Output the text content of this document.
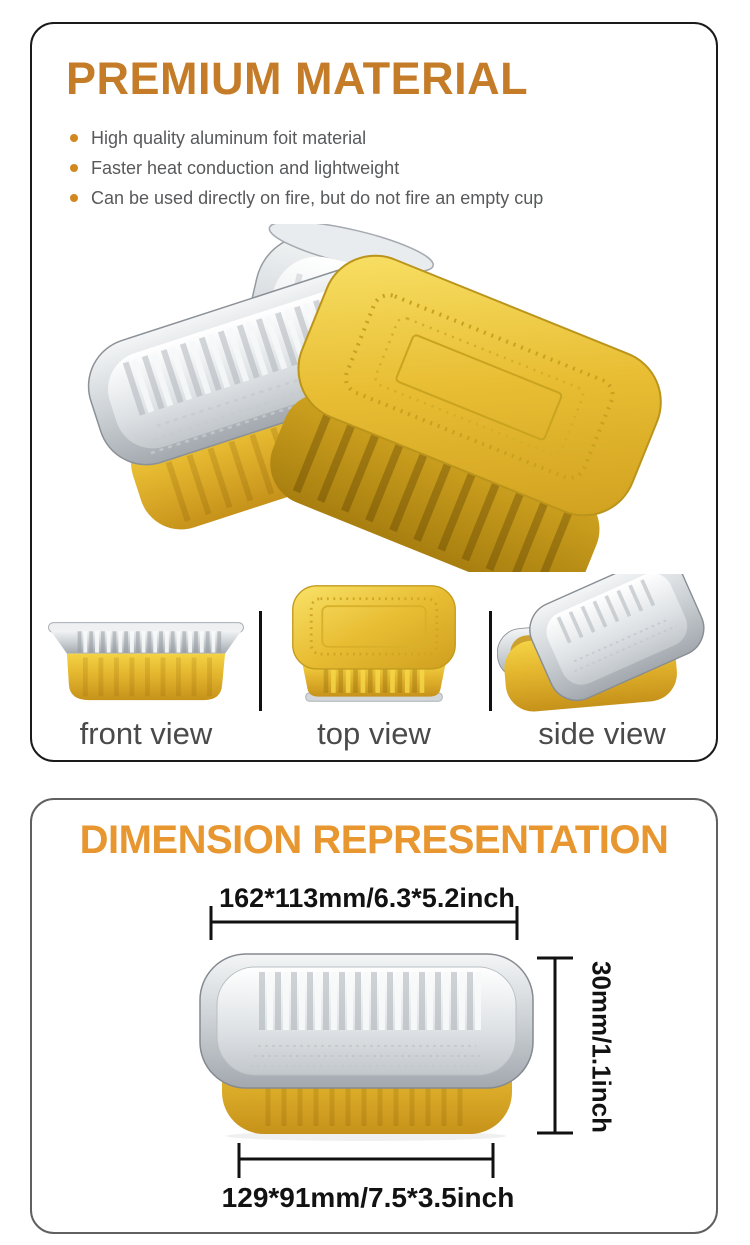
PREMIUM MATERIAL
High quality aluminum foit material
Faster heat conduction and lightweight
Can be used directly on fire, but do not fire an empty cup
front view	top view	side view
DIMENSION REPRESENTATION
162*113mm/6.3*5.2inch
30mm/1.1inch
129*91mm/7.5*3.5inch
